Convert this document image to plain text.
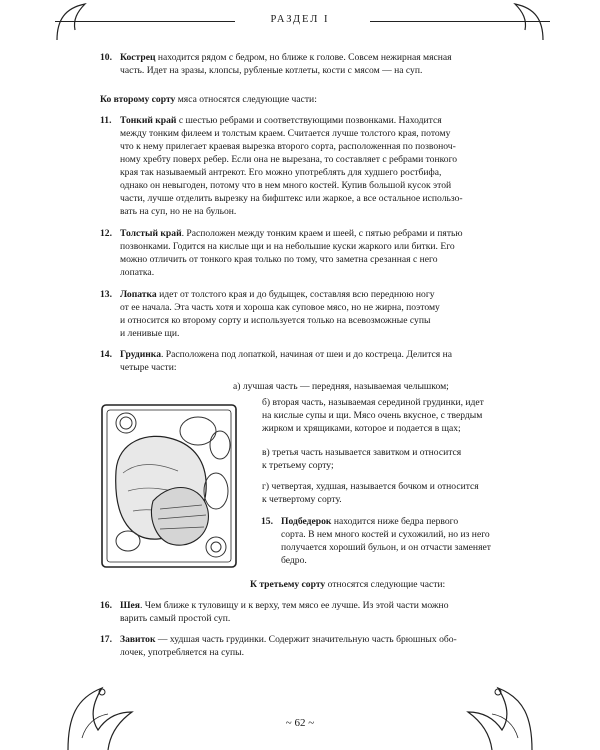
РАЗДЕЛ I
10. Кострец находится рядом с бедром, но ближе к голове. Совсем нежирная мясная
часть. Идет на зразы, клопсы, рубленые котлеты, кости с мясом — на суп.
Ко второму сорту мяса относятся следующие части:
11. Тонкий край с шестью ребрами и соответствующими позвонками. Находится
между тонким филеем и толстым краем. Считается лучше толстого края, потому
что к нему прилегает краевая вырезка второго сорта, расположенная по позвоноч-
ному хребту поверх ребер. Если она не вырезана, то составляет с ребрами тонкого
края так называемый антрекот. Его можно употреблять для худшего ростбифа,
однако он невыгоден, потому что в нем много костей. Купив большой кусок этой
части, лучше отделить вырезку на бифштекс или жаркое, а все остальное использо-
вать на суп, но не на бульон.
12. Толстый край. Расположен между тонким краем и шеей, с пятью ребрами и пятью
позвонками. Годится на кислые щи и на небольшие куски жаркого или битки. Его
можно отличить от тонкого края только по тому, что заметна срезанная с него
лопатка.
13. Лопатка идет от толстого края и до будыщек, составляя всю переднюю ногу
от ее начала. Эта часть хотя и хороша как суповое мясо, но не жирна, поэтому
и относится ко второму сорту и используется только на всевозможные супы
и ленивые щи.
14. Грудинка. Расположена под лопаткой, начиная от шеи и до кострeца. Делится на
четыре части:
а) лучшая часть — передняя, называемая челышком;
б) вторая часть, называемая серединой грудинки, идет
на кислые супы и щи. Мясо очень вкусное, с твердым
жирком и хрящиками, которое и подается в щах;
в) третья часть называется завитком и относится
к третьему сорту;
г) четвертая, худшая, называется бочком и относится
к четвертому сорту.
15. Подбедерок находится ниже бедра первого
сорта. В нем много костей и сухожилий, но из него
получается хороший бульон, и он отчасти заменяет
бедро.
К третьему сорту относятся следующие части:
16. Шея. Чем ближе к туловищу и к верху, тем мясо ее лучше. Из этой части можно
варить самый простой суп.
17. Завиток — худшая часть грудинки. Содержит значительную часть брюшных обо-
лочек, употребляется на супы.
~ 62 ~
